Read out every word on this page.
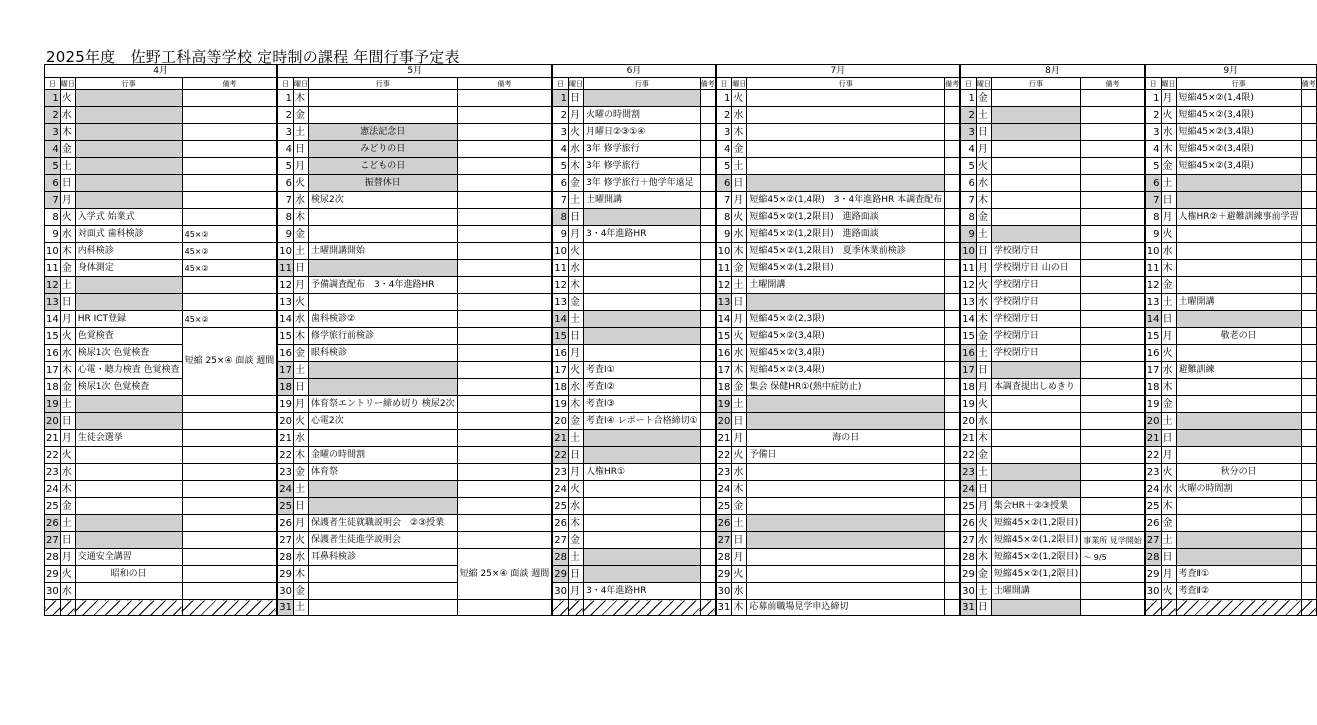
2025年度　佐野工科高等学校 定時制の課程 年間行事予定表
4月				5月				6月				7月				8月				9月			
日	曜日	行事	備考	日	曜日	行事	備考	日	曜日	行事	備考	日	曜日	行事	備考	日	曜日	行事	備考	日	曜日	行事	備考
1	火			1	木			1	日			1	火			1	金			1	月	短縮45×②(1,4限)	
2	水			2	金			2	月	火曜の時間割		2	水			2	土			2	火	短縮45×②(3,4限)	
3	木			3	土	憲法記念日		3	火	月曜日②③①④		3	木			3	日			3	水	短縮45×②(3,4限)	
4	金			4	日	みどりの日		4	水	3年 修学旅行		4	金			4	月			4	木	短縮45×②(3,4限)	
5	土			5	月	こどもの日		5	木	3年 修学旅行		5	土			5	火			5	金	短縮45×②(3,4限)	
6	日			6	火	振替休日		6	金	3年 修学旅行＋他学年遠足		6	日			6	水			6	土		
7	月			7	水	検尿2次		7	土	土曜開講		7	月	短縮45×②(1,4限)　3・4年進路HR 本調査配布		7	木			7	日		
8	火	入学式 始業式		8	木			8	日			8	火	短縮45×②(1,2限目)　進路面談		8	金			8	月	人権HR②＋避難訓練事前学習	
9	水	対面式 歯科検診	45×②	9	金			9	月	3・4年進路HR		9	水	短縮45×②(1,2限目)　進路面談		9	土			9	火		
10	木	内科検診	45×②	10	土	土曜開講開始		10	火			10	木	短縮45×②(1,2限目)　夏季休業前検診		10	日	学校閉庁日		10	水		
11	金	身体測定	45×②	11	日			11	水			11	金	短縮45×②(1,2限目)		11	月	学校閉庁日 山の日		11	木		
12	土			12	月	予備調査配布　3・4年進路HR		12	木			12	土	土曜開講		12	火	学校閉庁日		12	金		
13	日			13	火			13	金			13	日			13	水	学校閉庁日		13	土	土曜開講	
14	月	HR ICT登録	45×②	14	水	歯科検診②		14	土			14	月	短縮45×②(2,3限)		14	木	学校閉庁日		14	日		
15	火	色覚検査	短縮 25×④ 面談 週間	15	木	修学旅行前検診		15	日			15	火	短縮45×②(3,4限)		15	金	学校閉庁日		15	月	敬老の日	
16	水	検尿1次 色覚検査		16	金	眼科検診		16	月			16	水	短縮45×②(3,4限)		16	土	学校閉庁日		16	火		
17	木	心電・聴力検査 色覚検査		17	土			17	火	考査Ⅰ①		17	木	短縮45×②(3,4限)		17	日			17	水	避難訓練	
18	金	検尿1次 色覚検査		18	日			18	水	考査Ⅰ②		18	金	集会 保健HR①(熱中症防止)		18	月	本調査提出しめきり		18	木		
19	土			19	月	体育祭エントリー締め切り 検尿2次		19	木	考査Ⅰ③		19	土			19	火			19	金		
20	日			20	火	心電2次		20	金	考査Ⅰ④ レポート合格締切①		20	日			20	水			20	土		
21	月	生徒会選挙		21	水			21	土			21	月	海の日		21	木			21	日		
22	火			22	木	金曜の時間割		22	日			22	火	予備日		22	金			22	月		
23	水			23	金	体育祭		23	月	人権HR①		23	水			23	土			23	火	秋分の日	
24	木			24	土			24	火			24	木			24	日			24	水	火曜の時間割	
25	金			25	日			25	水			25	金			25	月	集会HR＋②③授業		25	木		
26	土			26	月	保護者生徒就職説明会　②③授業		26	木			26	土			26	火	短縮45×②(1,2限目)		26	金		
27	日			27	火	保護者生徒進学説明会		27	金			27	日			27	水	短縮45×②(1,2限目)	事業所 見学開始	27	土		
28	月	交通安全講習		28	水	耳鼻科検診	短縮 25×④ 面談 週間	28	土			28	月			28	木	短縮45×②(1,2限目)	～ 9/5	28	日		
29	火	昭和の日		29	木			29	日			29	火			29	金	短縮45×②(1,2限目)		29	月	考査Ⅱ①	
30	水			30	金			30	月	3・4年進路HR		30	水			30	土	土曜開講		30	火	考査Ⅱ②	
				31	土							31	木	応募前職場見学申込締切		31	日						
